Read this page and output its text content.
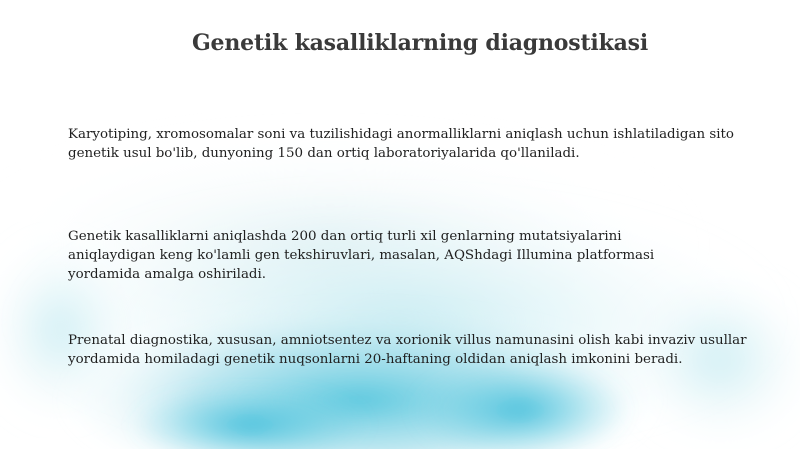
Genetik kasalliklarning diagnostikasi

Karyotiping, xromosomalar soni va tuzilishidagi anormalliklarni aniqlash uchun ishlatiladigan sito genetik usul bo'lib, dunyoning 150 dan ortiq laboratoriyalarida qo'llaniladi.

Genetik kasalliklarni aniqlashda 200 dan ortiq turli xil genlarning mutatsiyalarini aniqlaydigan keng ko'lamli gen tekshiruvlari, masalan, AQShdagi Illumina platformasi yordamida amalga oshiriladi.

Prenatal diagnostika, xususan, amniotsentez va xorionik villus namunasini olish kabi invaziv usullar yordamida homiladagi genetik nuqsonlarni 20-haftaning oldidan aniqlash imkonini beradi.
